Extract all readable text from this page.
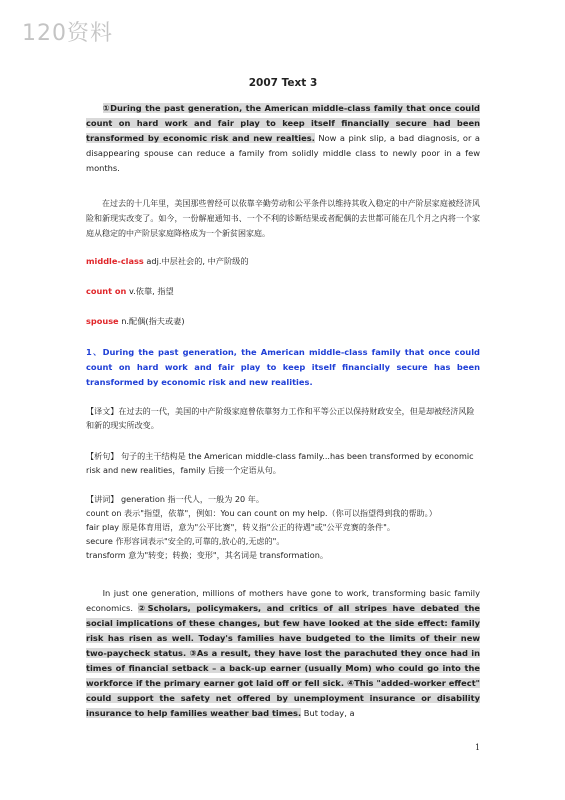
120资料
2007 Text 3
①During the past generation, the American middle-class family that once could count on hard work and fair play to keep itself financially secure had been transformed by economic risk and new realties. Now a pink slip, a bad diagnosis, or a disappearing spouse can reduce a family from solidly middle class to newly poor in a few months.
在过去的十几年里，美国那些曾经可以依靠辛勤劳动和公平条件以维持其收入稳定的中产阶层家庭被经济风险和新现实改变了。如今，一份解雇通知书、一个不利的诊断结果或者配偶的去世都可能在几个月之内将一个家庭从稳定的中产阶层家庭降格成为一个新贫困家庭。
middle-class adj.中层社会的, 中产阶级的
count on v.依靠, 指望
spouse n.配偶(指夫或妻)
1、During the past generation, the American middle-class family that once could count on hard work and fair play to keep itself financially secure has been transformed by economic risk and new realities.
【译文】在过去的一代，美国的中产阶级家庭曾依靠努力工作和平等公正以保持财政安全，但是却被经济风险和新的现实所改变。
【析句】 句子的主干结构是 the American middle-class family...has been transformed by economic risk and new realities，family 后接一个定语从句。
【讲词】 generation 指一代人，一般为 20 年。
count on 表示"指望，依靠"，例如：You can count on my help.（你可以指望得到我的帮助。）
fair play 原是体育用语，意为"公平比赛"，转义指"公正的待遇"或"公平竞赛的条件"。
secure 作形容词表示"安全的,可靠的,放心的,无虑的"。
transform 意为"转变；转换；变形"，其名词是 transformation。
In just one generation, millions of mothers have gone to work, transforming basic family economics. ②Scholars, policymakers, and critics of all stripes have debated the social implications of these changes, but few have looked at the side effect: family risk has risen as well. Today's families have budgeted to the limits of their new two-paycheck status. ③As a result, they have lost the parachuted they once had in times of financial setback – a back-up earner (usually Mom) who could go into the workforce if the primary earner got laid off or fell sick. ④This "added-worker effect" could support the safety net offered by unemployment insurance or disability insurance to help families weather bad times. But today, a
1
